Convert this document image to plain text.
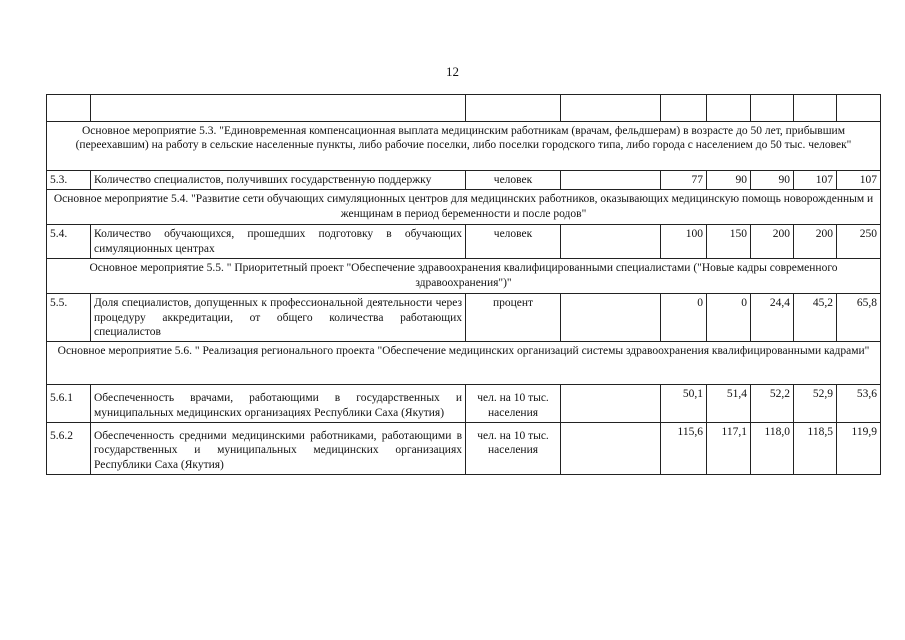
12

Основное мероприятие 5.3. "Единовременная компенсационная выплата медицинским работникам (врачам, фельдшерам) в возрасте до 50 лет, прибывшим (переехавшим) на работу в сельские населенные пункты, либо рабочие поселки, либо поселки городского типа, либо города с населением до 50 тыс. человек"								
5.3.	Количество специалистов, получивших государственную поддержку	человек		77	90	90	107	107
Основное мероприятие 5.4. "Развитие сети обучающих симуляционных центров для медицинских работников, оказывающих медицинскую помощь новорожденным и женщинам в период беременности и после родов"								
5.4.	Количество обучающихся, прошедших подготовку в обучающих симуляционных центрах	человек		100	150	200	200	250
Основное мероприятие 5.5. " Приоритетный проект "Обеспечение здравоохранения квалифицированными специалистами ("Новые кадры современного здравоохранения")"								
5.5.	Доля специалистов, допущенных к профессиональной деятельности через процедуру аккредитации, от общего количества работающих специалистов	процент		0	0	24,4	45,2	65,8
Основное мероприятие 5.6. " Реализация регионального проекта "Обеспечение медицинских организаций системы здравоохранения квалифицированными кадрами"								
5.6.1	Обеспеченность врачами, работающими в государственных и муниципальных медицинских организациях Республики Саха (Якутия)	чел. на 10 тыс. населения		50,1	51,4	52,2	52,9	53,6
5.6.2	Обеспеченность средними медицинскими работниками, работающими в государственных и муниципальных медицинских организациях Республики Саха (Якутия)	чел. на 10 тыс. населения		115,6	117,1	118,0	118,5	119,9
